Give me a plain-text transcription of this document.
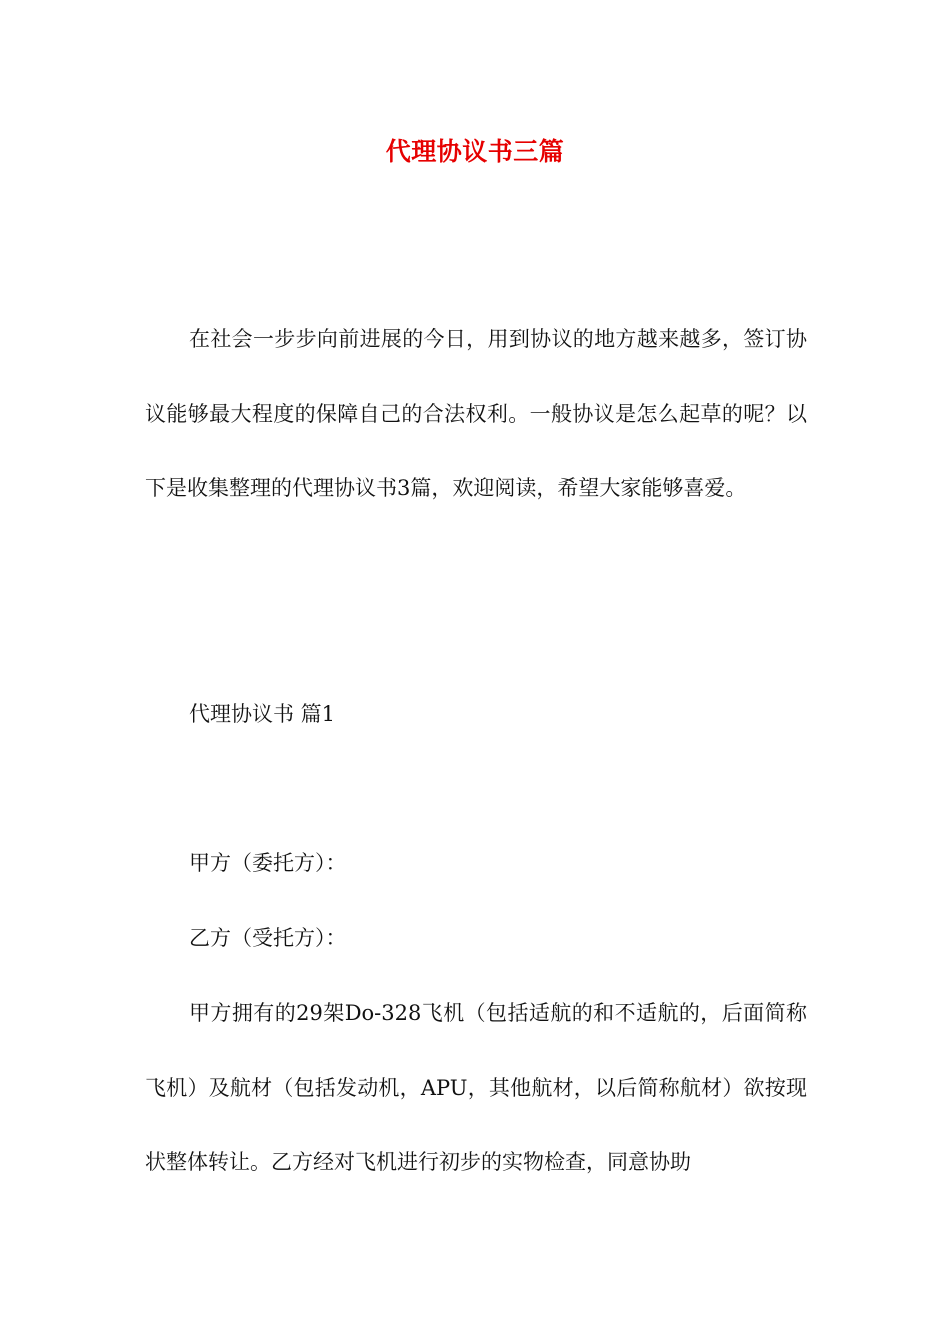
代理协议书三篇

在社会一步步向前进展的今日，用到协议的地方越来越多，签订协议能够最大程度的保障自己的合法权利。一般协议是怎么起草的呢？以下是收集整理的代理协议书3篇，欢迎阅读，希望大家能够喜爱。

代理协议书 篇1
甲方（委托方）：
乙方（受托方）：

甲方拥有的29架Do-328飞机（包括适航的和不适航的，后面简称飞机）及航材（包括发动机，APU，其他航材，以后简称航材）欲按现状整体转让。乙方经对飞机进行初步的实物检查，同意协助
